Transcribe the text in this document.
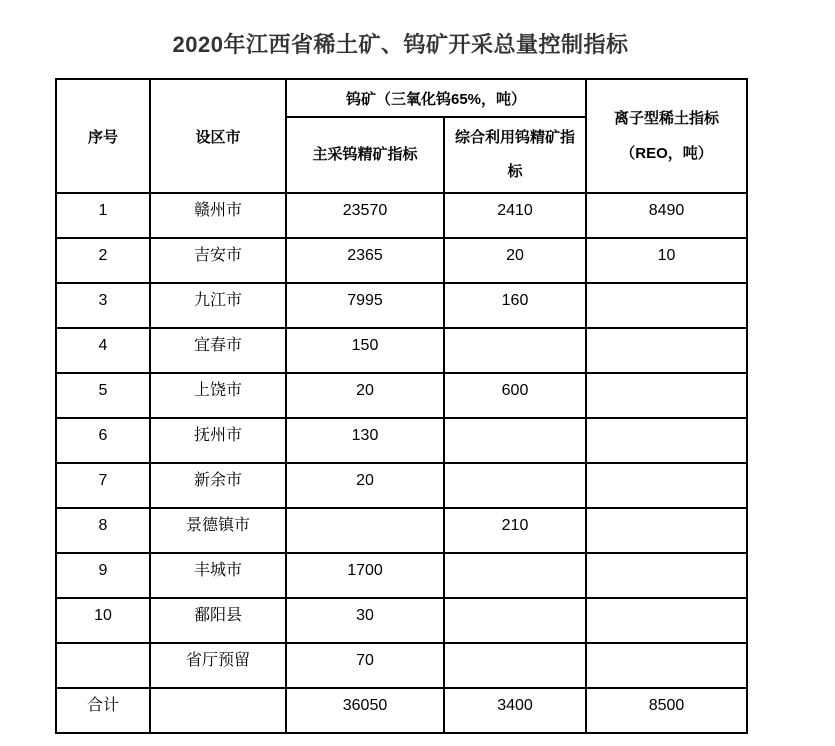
2020年江西省稀土矿、钨矿开采总量控制指标
序号	设区市	钨矿（三氧化钨65%，吨）		离子型稀土指标
（REO，吨）

		主采钨精矿指标	综合利用钨精矿指标	
1	赣州市	23570	2410	8490
2	吉安市	2365	20	10
3	九江市	7995	160	
4	宜春市	150		
5	上饶市	20	600	
6	抚州市	130		
7	新余市	20		
8	景德镇市		210	
9	丰城市	1700		
10	鄱阳县	30		
	省厅预留	70		
合计		36050	3400	8500
